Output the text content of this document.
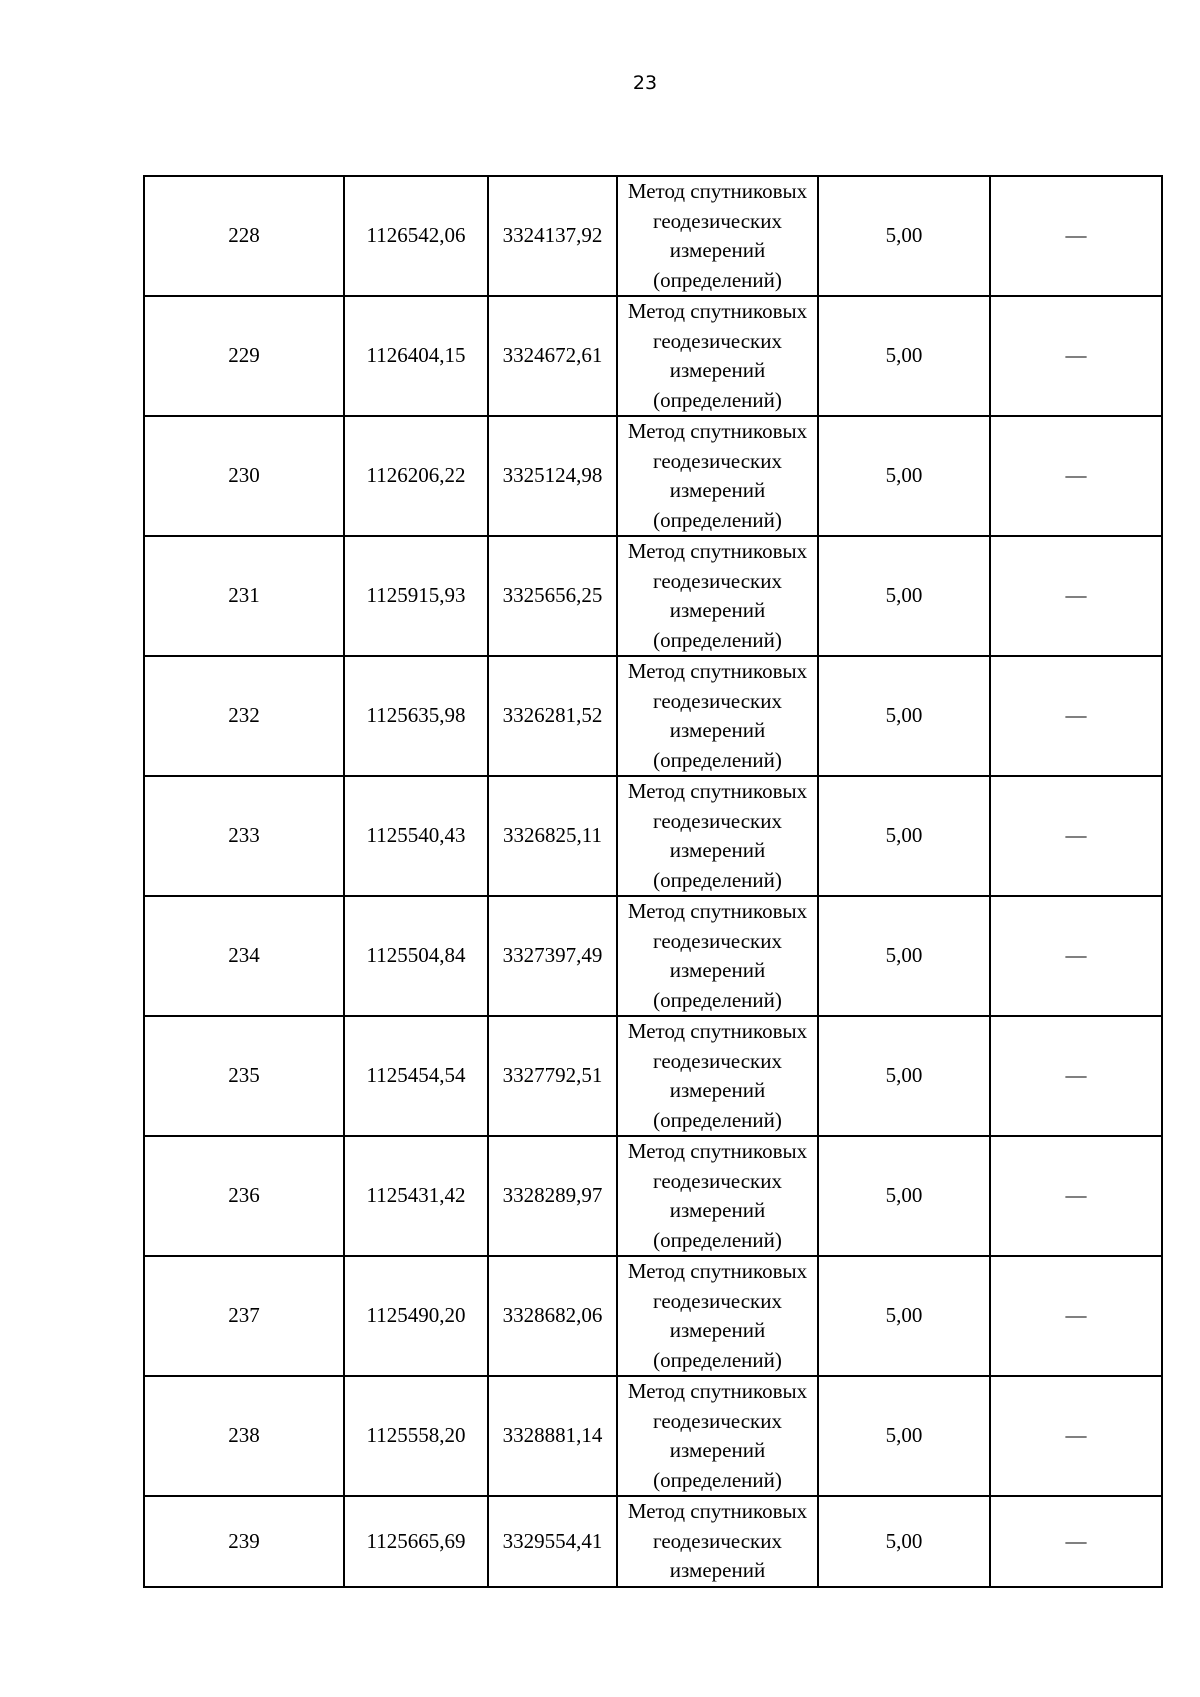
23
228	1126542,06	3324137,92	Метод спутниковых
геодезических
измерений
(определений)	5,00	—
229	1126404,15	3324672,61	Метод спутниковых
геодезических
измерений
(определений)	5,00	—
230	1126206,22	3325124,98	Метод спутниковых
геодезических
измерений
(определений)	5,00	—
231	1125915,93	3325656,25	Метод спутниковых
геодезических
измерений
(определений)	5,00	—
232	1125635,98	3326281,52	Метод спутниковых
геодезических
измерений
(определений)	5,00	—
233	1125540,43	3326825,11	Метод спутниковых
геодезических
измерений
(определений)	5,00	—
234	1125504,84	3327397,49	Метод спутниковых
геодезических
измерений
(определений)	5,00	—
235	1125454,54	3327792,51	Метод спутниковых
геодезических
измерений
(определений)	5,00	—
236	1125431,42	3328289,97	Метод спутниковых
геодезических
измерений
(определений)	5,00	—
237	1125490,20	3328682,06	Метод спутниковых
геодезических
измерений
(определений)	5,00	—
238	1125558,20	3328881,14	Метод спутниковых
геодезических
измерений
(определений)	5,00	—
239	1125665,69	3329554,41	Метод спутниковых
геодезических
измерений	5,00	—
